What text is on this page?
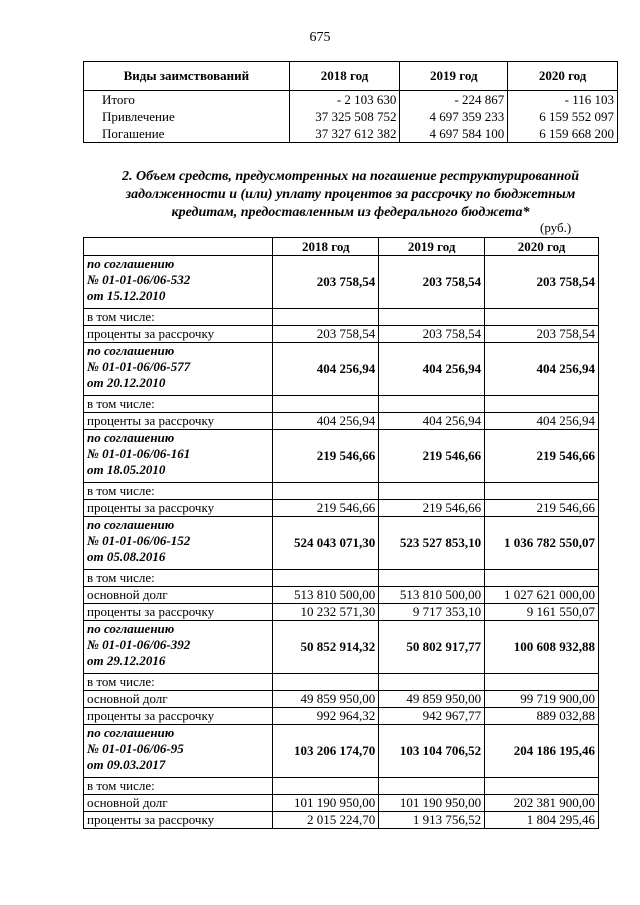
675
Виды заимствований	2018 год	2019 год	2020 год
Итого	- 2 103 630	- 224 867	- 116 103
Привлечение	37 325 508 752	4 697 359 233	6 159 552 097
Погашение	37 327 612 382	4 697 584 100	6 159 668 200
2. Объем средств, предусмотренных на погашение реструктурированной
задолженности и (или) уплату процентов за рассрочку по бюджетным
кредитам, предоставленным из федерального бюджета*
(руб.)
	2018 год	2019 год	2020 год

по соглашению
№ 01-01-06/06-532
от 15.12.2010	203 758,54	203 758,54	203 758,54
в том числе:			
проценты за рассрочку	203 758,54	203 758,54	203 758,54

по соглашению
№ 01-01-06/06-577
от 20.12.2010	404 256,94	404 256,94	404 256,94
в том числе:			
проценты за рассрочку	404 256,94	404 256,94	404 256,94

по соглашению
№ 01-01-06/06-161
от 18.05.2010	219 546,66	219 546,66	219 546,66
в том числе:			
проценты за рассрочку	219 546,66	219 546,66	219 546,66

по соглашению
№ 01-01-06/06-152
от 05.08.2016	524 043 071,30	523 527 853,10	1 036 782 550,07
в том числе:			
основной долг	513 810 500,00	513 810 500,00	1 027 621 000,00
проценты за рассрочку	10 232 571,30	9 717 353,10	9 161 550,07

по соглашению
№ 01-01-06/06-392
от 29.12.2016	50 852 914,32	50 802 917,77	100 608 932,88
в том числе:			
основной долг	49 859 950,00	49 859 950,00	99 719 900,00
проценты за рассрочку	992 964,32	942 967,77	889 032,88

по соглашению
№ 01-01-06/06-95
от 09.03.2017	103 206 174,70	103 104 706,52	204 186 195,46
в том числе:			
основной долг	101 190 950,00	101 190 950,00	202 381 900,00
проценты за рассрочку	2 015 224,70	1 913 756,52	1 804 295,46
